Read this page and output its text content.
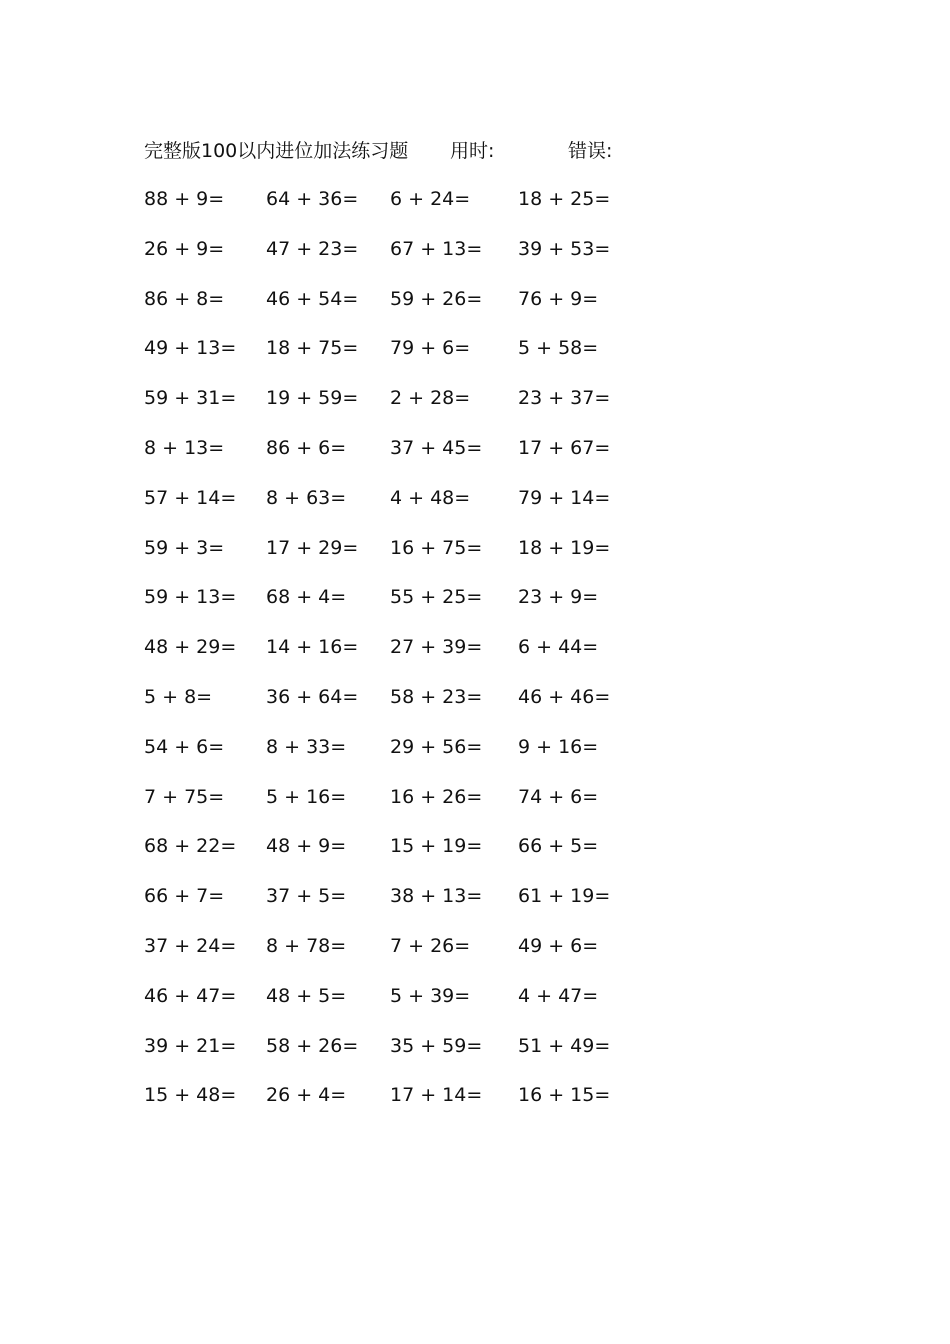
完整版100以内进位加法练习题 用时:	错误:
88 + 9=	64 + 36=	6 + 24=	18 + 25=
26 + 9=	47 + 23=	67 + 13=	39 + 53=
86 + 8=	46 + 54=	59 + 26=	76 + 9=
49 + 13=	18 + 75=	79 + 6=	5 + 58=
59 + 31=	19 + 59=	2 + 28=	23 + 37=
8 + 13=	86 + 6=	37 + 45=	17 + 67=
57 + 14=	8 + 63=	4 + 48=	79 + 14=
59 + 3=	17 + 29=	16 + 75=	18 + 19=
59 + 13=	68 + 4=	55 + 25=	23 + 9=
48 + 29=	14 + 16=	27 + 39=	6 + 44=
5 + 8=	36 + 64=	58 + 23=	46 + 46=
54 + 6=	8 + 33=	29 + 56=	9 + 16=
7 + 75=	5 + 16=	16 + 26=	74 + 6=
68 + 22=	48 + 9=	15 + 19=	66 + 5=
66 + 7=	37 + 5=	38 + 13=	61 + 19=
37 + 24=	8 + 78=	7 + 26=	49 + 6=
46 + 47=	48 + 5=	5 + 39=	4 + 47=
39 + 21=	58 + 26=	35 + 59=	51 + 49=
15 + 48=	26 + 4=	17 + 14=	16 + 15=
